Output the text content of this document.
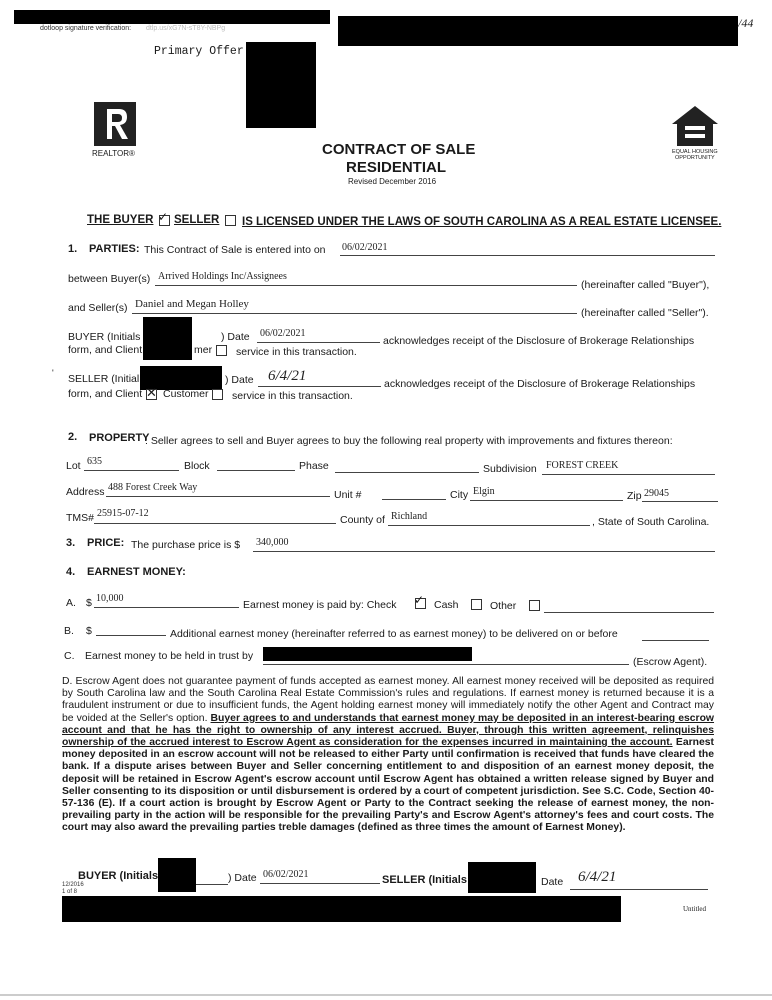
dotloop signature verification: dtlp.us/xG7N-sT8Y-NBPg	/44
Primary Offer
REALTOR®	EQUAL HOUSING
OPPORTUNITY
CONTRACT OF SALE
RESIDENTIAL
Revised December 2016
THE BUYER ✓ SELLER IS LICENSED UNDER THE LAWS OF SOUTH CAROLINA AS A REAL ESTATE LICENSEE.
1. PARTIES: This Contract of Sale is entered into on 06/02/2021
between Buyer(s) Arrived Holdings Inc/Assignees
(hereinafter called "Buyer"),
and Seller(s) Daniel and Megan Holley
(hereinafter called "Seller").
BUYER (Initials	) Date 06/02/2021
acknowledges receipt of the Disclosure of Brokerage Relationships
form, and Client	mer service in this transaction.
' SELLER (Initial	) Date 6/4/21	acknowledges receipt of the Disclosure of Brokerage Relationships
form, and Client ✕ Customer service in this transaction.
2. PROPERTY
: Seller agrees to sell and Buyer agrees to buy the following real property with improvements and fixtures thereon:
Lot 635	Block	Phase	Subdivision FOREST CREEK
Address 488 Forest Creek Way
Unit #	City Elgin	Zip 29045
TMS# 25915-07-12
County of Richland	, State of South Carolina.
3. PRICE: The purchase price is $ 340,000
4. EARNEST MONEY:
A. $ 10,000
Earnest money is paid by: Check ✓ Cash	Other
B. $	Additional earnest money (hereinafter referred to as earnest money) to be delivered on or before
C. Earnest money to be held in trust by	(Escrow Agent).
D. Escrow Agent does not guarantee payment of funds accepted as earnest money. All earnest money received will be deposited as required by South Carolina law and the South Carolina Real Estate Commission's rules and regulations. If earnest money is returned because it is a fraudulent instrument or due to insufficient funds, the Agent holding earnest money will immediately notify the other Agent and Contract may be voided at the Seller's option. Buyer agrees to and understands that earnest money may be deposited in an interest-bearing escrow account and that he has the right to ownership of any interest accrued. Buyer, through this written agreement, relinquishes ownership of the accrued interest to Escrow Agent as consideration for the expenses incurred in maintaining the account. Earnest money deposited in an escrow account will not be released to either Party until confirmation is received that funds have cleared the bank. If a dispute arises between Buyer and Seller concerning entitlement to and disposition of an earnest money deposit, the deposit will be retained in Escrow Agent's escrow account until Escrow Agent has obtained a written release signed by Buyer and Seller consenting to its disposition or until disbursement is ordered by a court of competent jurisdiction. See S.C. Code, Section 40-57-136 (E). If a court action is brought by Escrow Agent or Party to the Contract seeking the release of earnest money, the non-prevailing party in the action will be responsible for the prevailing Party's and Escrow Agent's attorney's fees and court costs. The court may also award the prevailing parties treble damages (defined as three times the amount of Earnest Money).
BUYER (Initials	) Date 06/02/2021	SELLER (Initials	Date 6/4/21
12/2016
1 of 8
Untitled
